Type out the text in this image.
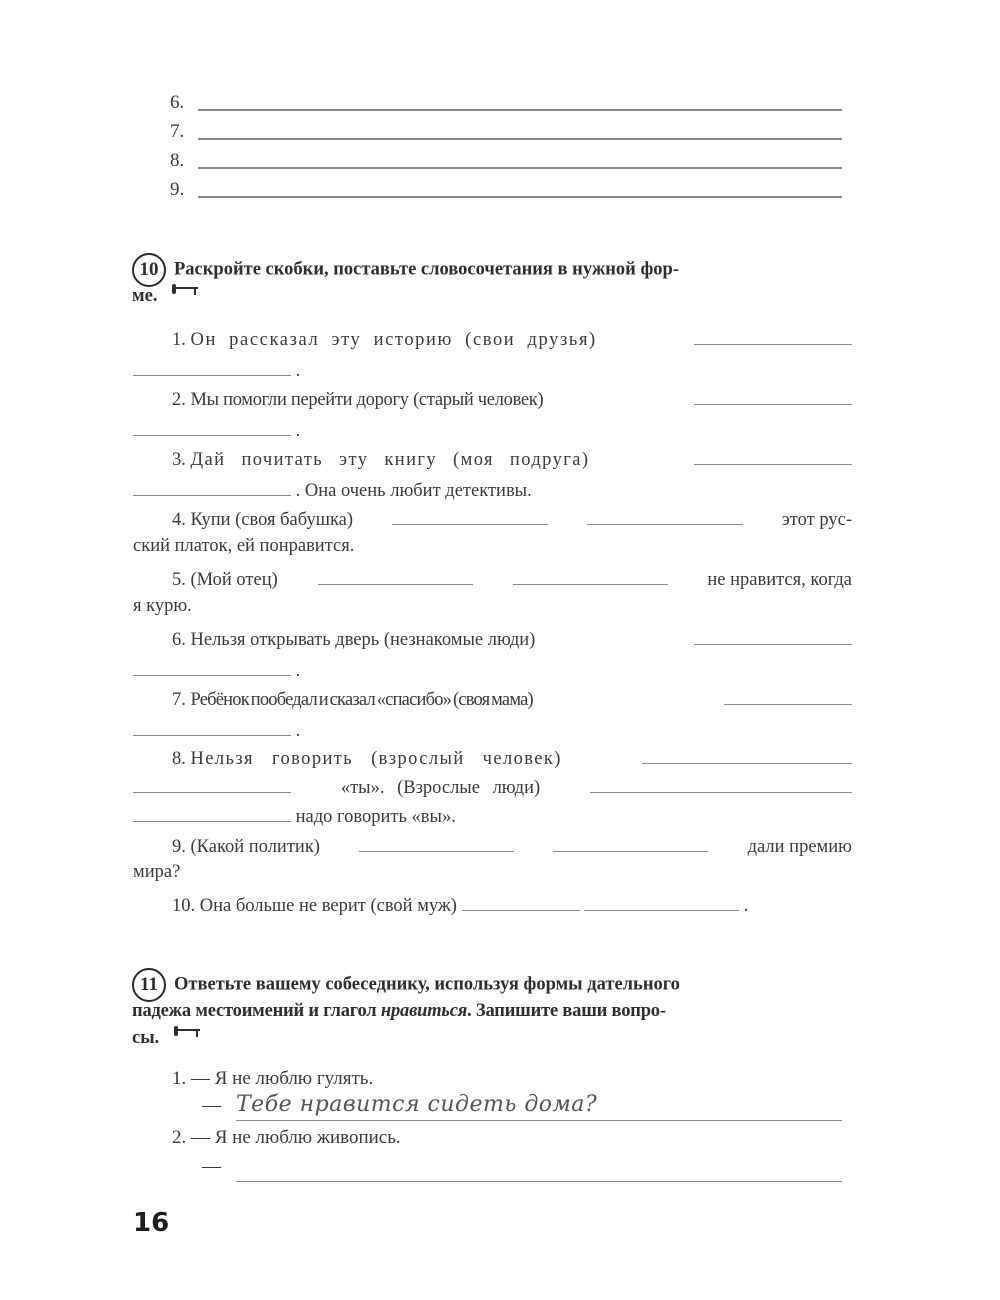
6.
7.
8.
9.
10 Раскройте скобки, поставьте словосочетания в нужной фор-
ме.
1. Он рассказал эту историю (свои друзья)
.
2. Мы помогли перейти дорогу (старый человек)
.
3. Дай почитать эту книгу (моя подруга)
. Она очень любит детективы.
4. Купи (своя бабушка)	этот рус-
ский платок, ей понравится.
5. (Мой отец)	не нравится, когда
я курю.
6. Нельзя открывать дверь (незнакомые люди)
.
7. Ребёнок пообедал и сказал «спасибо» (своя мама)
.
8. Нельзя говорить (взрослый человек)
«ты». (Взрослые люди)
надо говорить «вы».
9. (Какой политик)	дали премию
мира?
10. Она больше не верит (свой муж)	.
11 Ответьте вашему собеседнику, используя формы дательного
падежа местоимений и глагол нравиться. Запишите ваши вопро-
сы.
1. — Я не люблю гулять.
— Тебе нравится сидеть дома?
2. — Я не люблю живопись.
—
16
